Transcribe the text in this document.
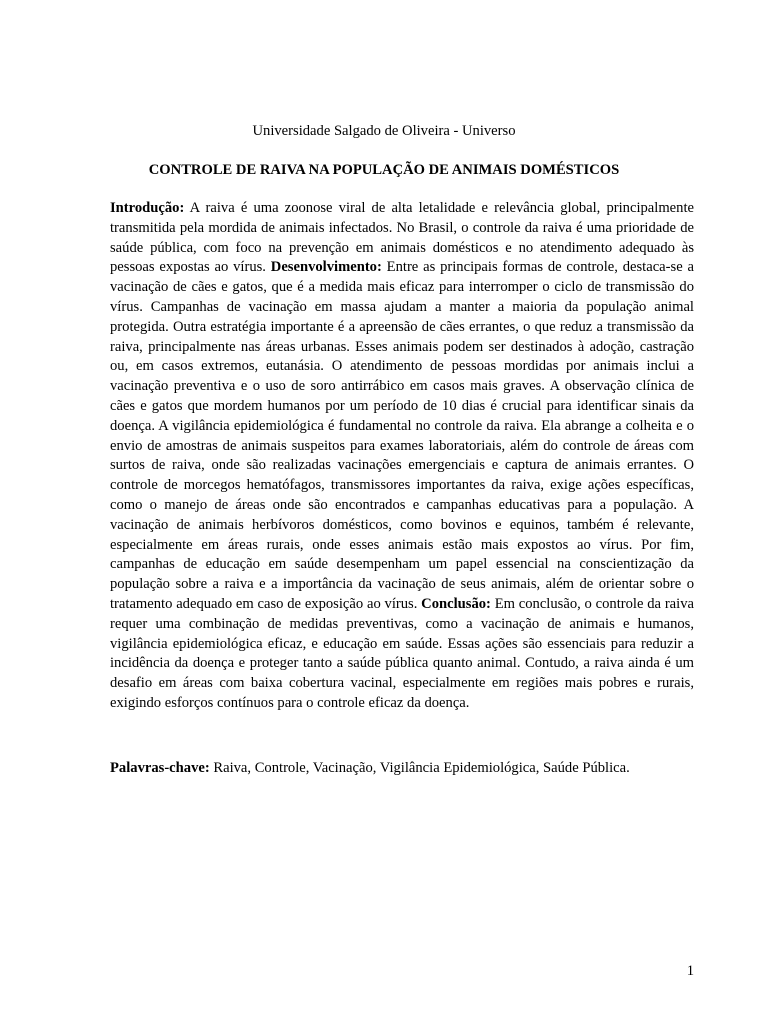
Universidade Salgado de Oliveira - Universo
CONTROLE DE RAIVA NA POPULAÇÃO DE ANIMAIS DOMÉSTICOS

Introdução: A raiva é uma zoonose viral de alta letalidade e relevância global, principalmente transmitida pela mordida de animais infectados. No Brasil, o controle da raiva é uma prioridade de saúde pública, com foco na prevenção em animais domésticos e no atendimento adequado às pessoas expostas ao vírus. Desenvolvimento: Entre as principais formas de controle, destaca-se a vacinação de cães e gatos, que é a medida mais eficaz para interromper o ciclo de transmissão do vírus. Campanhas de vacinação em massa ajudam a manter a maioria da população animal protegida. Outra estratégia importante é a apreensão de cães errantes, o que reduz a transmissão da raiva, principalmente nas áreas urbanas. Esses animais podem ser destinados à adoção, castração ou, em casos extremos, eutanásia. O atendimento de pessoas mordidas por animais inclui a vacinação preventiva e o uso de soro antirrábico em casos mais graves. A observação clínica de cães e gatos que mordem humanos por um período de 10 dias é crucial para identificar sinais da doença. A vigilância epidemiológica é fundamental no controle da raiva. Ela abrange a colheita e o envio de amostras de animais suspeitos para exames laboratoriais, além do controle de áreas com surtos de raiva, onde são realizadas vacinações emergenciais e captura de animais errantes. O controle de morcegos hematófagos, transmissores importantes da raiva, exige ações específicas, como o manejo de áreas onde são encontrados e campanhas educativas para a população. A vacinação de animais herbívoros domésticos, como bovinos e equinos, também é relevante, especialmente em áreas rurais, onde esses animais estão mais expostos ao vírus. Por fim, campanhas de educação em saúde desempenham um papel essencial na conscientização da população sobre a raiva e a importância da vacinação de seus animais, além de orientar sobre o tratamento adequado em caso de exposição ao vírus. Conclusão: Em conclusão, o controle da raiva requer uma combinação de medidas preventivas, como a vacinação de animais e humanos, vigilância epidemiológica eficaz, e educação em saúde. Essas ações são essenciais para reduzir a incidência da doença e proteger tanto a saúde pública quanto animal. Contudo, a raiva ainda é um desafio em áreas com baixa cobertura vacinal, especialmente em regiões mais pobres e rurais, exigindo esforços contínuos para o controle eficaz da doença.

Palavras-chave: Raiva, Controle, Vacinação, Vigilância Epidemiológica, Saúde Pública.

1
